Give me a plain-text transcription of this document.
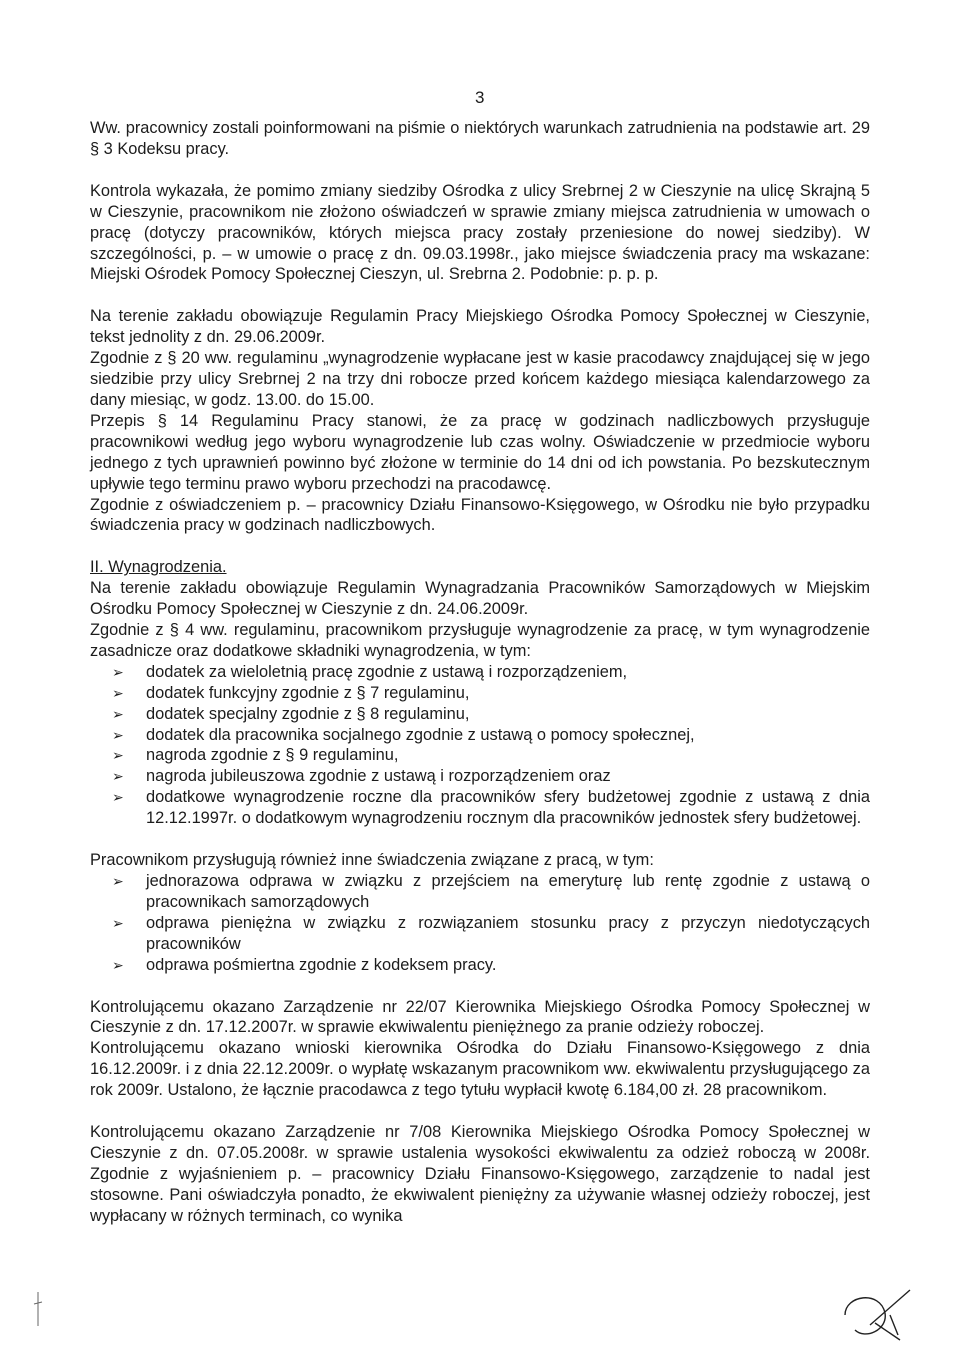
3

Ww. pracownicy zostali poinformowani na piśmie o niektórych warunkach zatrudnienia na podstawie art. 29 § 3 Kodeksu pracy.

Kontrola wykazała, że pomimo zmiany siedziby Ośrodka z ulicy Srebrnej 2 w Cieszynie na ulicę Skrajną 5 w Cieszynie, pracownikom nie złożono oświadczeń w sprawie zmiany miejsca zatrudnienia w umowach o pracę (dotyczy pracowników, których miejsca pracy zostały przeniesione do nowej siedziby). W szczególności, p. – w umowie o pracę z dn. 09.03.1998r., jako miejsce świadczenia pracy ma wskazane: Miejski Ośrodek Pomocy Społecznej Cieszyn, ul. Srebrna 2. Podobnie: p. p. p.

Na terenie zakładu obowiązuje Regulamin Pracy Miejskiego Ośrodka Pomocy Społecznej w Cieszynie, tekst jednolity z dn. 29.06.2009r.

Zgodnie z § 20 ww. regulaminu „wynagrodzenie wypłacane jest w kasie pracodawcy znajdującej się w jego siedzibie przy ulicy Srebrnej 2 na trzy dni robocze przed końcem każdego miesiąca kalendarzowego za dany miesiąc, w godz. 13.00. do 15.00.

Przepis § 14 Regulaminu Pracy stanowi, że za pracę w godzinach nadliczbowych przysługuje pracownikowi według jego wyboru wynagrodzenie lub czas wolny. Oświadczenie w przedmiocie wyboru jednego z tych uprawnień powinno być złożone w terminie do 14 dni od ich powstania. Po bezskutecznym upływie tego terminu prawo wyboru przechodzi na pracodawcę.

Zgodnie z oświadczeniem p. – pracownicy Działu Finansowo-Księgowego, w Ośrodku nie było przypadku świadczenia pracy w godzinach nadliczbowych.

II. Wynagrodzenia.

Na terenie zakładu obowiązuje Regulamin Wynagradzania Pracowników Samorządowych w Miejskim Ośrodku Pomocy Społecznej w Cieszynie z dn. 24.06.2009r.

Zgodnie z § 4 ww. regulaminu, pracownikom przysługuje wynagrodzenie za pracę, w tym wynagrodzenie zasadnicze oraz dodatkowe składniki wynagrodzenia, w tym:

➢ dodatek za wieloletnią pracę zgodnie z ustawą i rozporządzeniem,
➢ dodatek funkcyjny zgodnie z § 7 regulaminu,
➢ dodatek specjalny zgodnie z § 8 regulaminu,
➢ dodatek dla pracownika socjalnego zgodnie z ustawą o pomocy społecznej,
➢ nagroda zgodnie z § 9 regulaminu,
➢ nagroda jubileuszowa zgodnie z ustawą i rozporządzeniem oraz
➢ dodatkowe wynagrodzenie roczne dla pracowników sfery budżetowej zgodnie z ustawą z dnia 12.12.1997r. o dodatkowym wynagrodzeniu rocznym dla pracowników jednostek sfery budżetowej.

Pracownikom przysługują również inne świadczenia związane z pracą, w tym:

➢ jednorazowa odprawa w związku z przejściem na emeryturę lub rentę zgodnie z ustawą o pracownikach samorządowych
➢ odprawa pieniężna w związku z rozwiązaniem stosunku pracy z przyczyn niedotyczących pracowników
➢ odprawa pośmiertna zgodnie z kodeksem pracy.

Kontrolującemu okazano Zarządzenie nr 22/07 Kierownika Miejskiego Ośrodka Pomocy Społecznej w Cieszynie z dn. 17.12.2007r. w sprawie ekwiwalentu pieniężnego za pranie odzieży roboczej.

Kontrolującemu okazano wnioski kierownika Ośrodka do Działu Finansowo-Księgowego z dnia 16.12.2009r. i z dnia 22.12.2009r. o wypłatę wskazanym pracownikom ww. ekwiwalentu przysługującego za rok 2009r. Ustalono, że łącznie pracodawca z tego tytułu wypłacił kwotę 6.184,00 zł. 28 pracownikom.

Kontrolującemu okazano Zarządzenie nr 7/08 Kierownika Miejskiego Ośrodka Pomocy Społecznej w Cieszynie z dn. 07.05.2008r. w sprawie ustalenia wysokości ekwiwalentu za odzież roboczą w 2008r. Zgodnie z wyjaśnieniem p. – pracownicy Działu Finansowo-Księgowego, zarządzenie to nadal jest stosowne. Pani oświadczyła ponadto, że ekwiwalent pieniężny za używanie własnej odzieży roboczej, jest wypłacany w różnych terminach, co wynika
